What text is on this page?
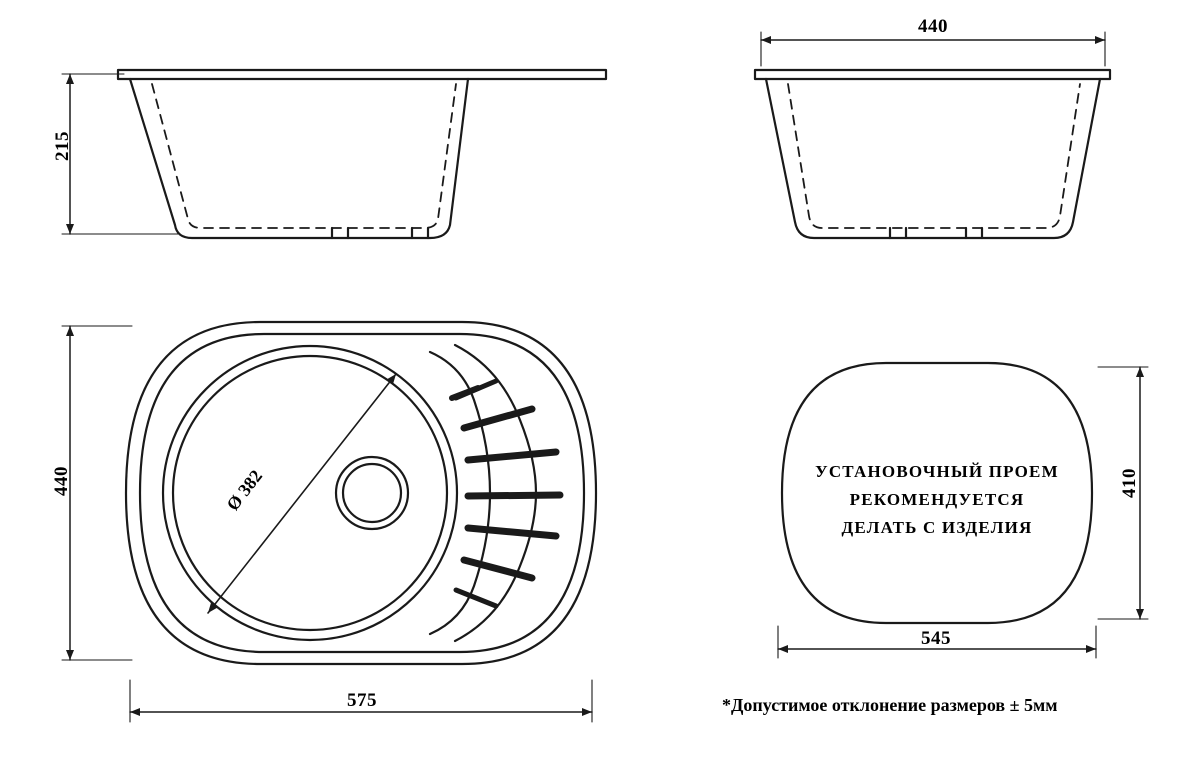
215
440
440
575
Ø 382	410
545
УСТАНОВОЧНЫЙ ПРОЕМ
РЕКОМЕНДУЕТСЯ
ДЕЛАТЬ С ИЗДЕЛИЯ
*Допустимое отклонение размеров ± 5мм
